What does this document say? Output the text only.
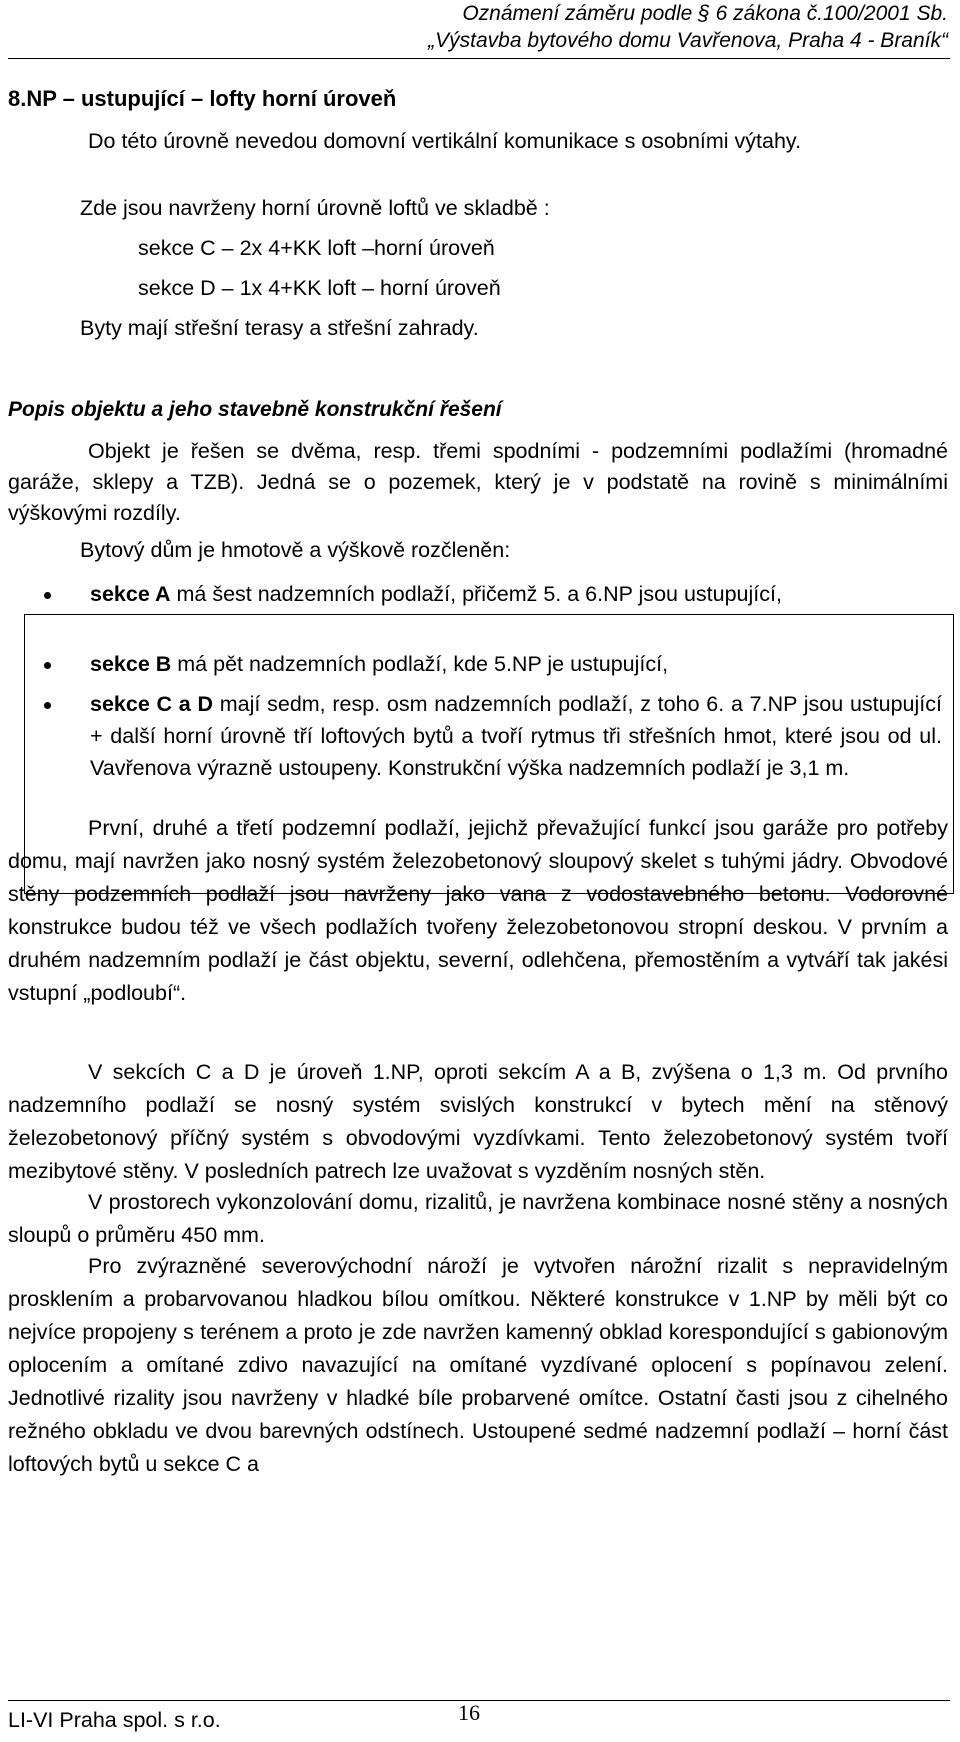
Oznámení záměru podle § 6 zákona č.100/2001 Sb.
„Výstavba bytového domu Vavřenova, Praha 4 - Braník“
8.NP – ustupující – lofty horní úroveň

Do této úrovně nevedou domovní vertikální komunikace s osobními výtahy.

Zde jsou navrženy horní úrovně loftů ve skladbě :
sekce C – 2x 4+KK loft –horní úroveň
sekce D – 1x 4+KK loft – horní úroveň
Byty mají střešní terasy a střešní zahrady.
Popis objektu a jeho stavebně konstrukční řešení

Objekt je řešen se dvěma, resp. třemi spodními - podzemními podlažími (hromadné garáže, sklepy a TZB). Jedná se o pozemek, který je v podstatě na rovině s minimálními výškovými rozdíly.

Bytový dům je hmotově a výškově rozčleněn:

sekce A má šest nadzemních podlaží, přičemž 5. a 6.NP jsou ustupující,

sekce B má pět nadzemních podlaží, kde 5.NP je ustupující,

sekce C a D mají sedm, resp. osm nadzemních podlaží, z toho 6. a 7.NP jsou ustupující + další horní úrovně tří loftových bytů a tvoří rytmus tři střešních hmot, které jsou od ul. Vavřenova výrazně ustoupeny. Konstrukční výška nadzemních podlaží je 3,1 m.

První, druhé a třetí podzemní podlaží, jejichž převažující funkcí jsou garáže pro potřeby domu, mají navržen jako nosný systém železobetonový sloupový skelet s tuhými jádry. Obvodové stěny podzemních podlaží jsou navrženy jako vana z vodostavebného betonu. Vodorovné konstrukce budou též ve všech podlažích tvořeny železobetonovou stropní deskou. V prvním a druhém nadzemním podlaží je část objektu, severní, odlehčena, přemostěním a vytváří tak jakési vstupní „podloubí“.

V sekcích C a D je úroveň 1.NP, oproti sekcím A a B, zvýšena o 1,3 m. Od prvního nadzemního podlaží se nosný systém svislých konstrukcí v bytech mění na stěnový železobetonový příčný systém s obvodovými vyzdívkami. Tento železobetonový systém tvoří mezibytové stěny. V posledních patrech lze uvažovat s vyzděním nosných stěn.

V prostorech vykonzolování domu, rizalitů, je navržena kombinace nosné stěny a nosných sloupů o průměru 450 mm.

Pro zvýrazněné severovýchodní nároží je vytvořen nárožní rizalit s nepravidelným prosklením a probarvovanou hladkou bílou omítkou. Některé konstrukce v 1.NP by měli být co nejvíce propojeny s terénem a proto je zde navržen kamenný obklad korespondující s gabionovým oplocením a omítané zdivo navazující na omítané vyzdívané oplocení s popínavou zelení. Jednotlivé rizality jsou navrženy v hladké bíle probarvené omítce. Ostatní časti jsou z cihelného režného obkladu ve dvou barevných odstínech. Ustoupené sedmé nadzemní podlaží – horní část loftových bytů u sekce C a

LI-VI Praha spol. s r.o.	16
